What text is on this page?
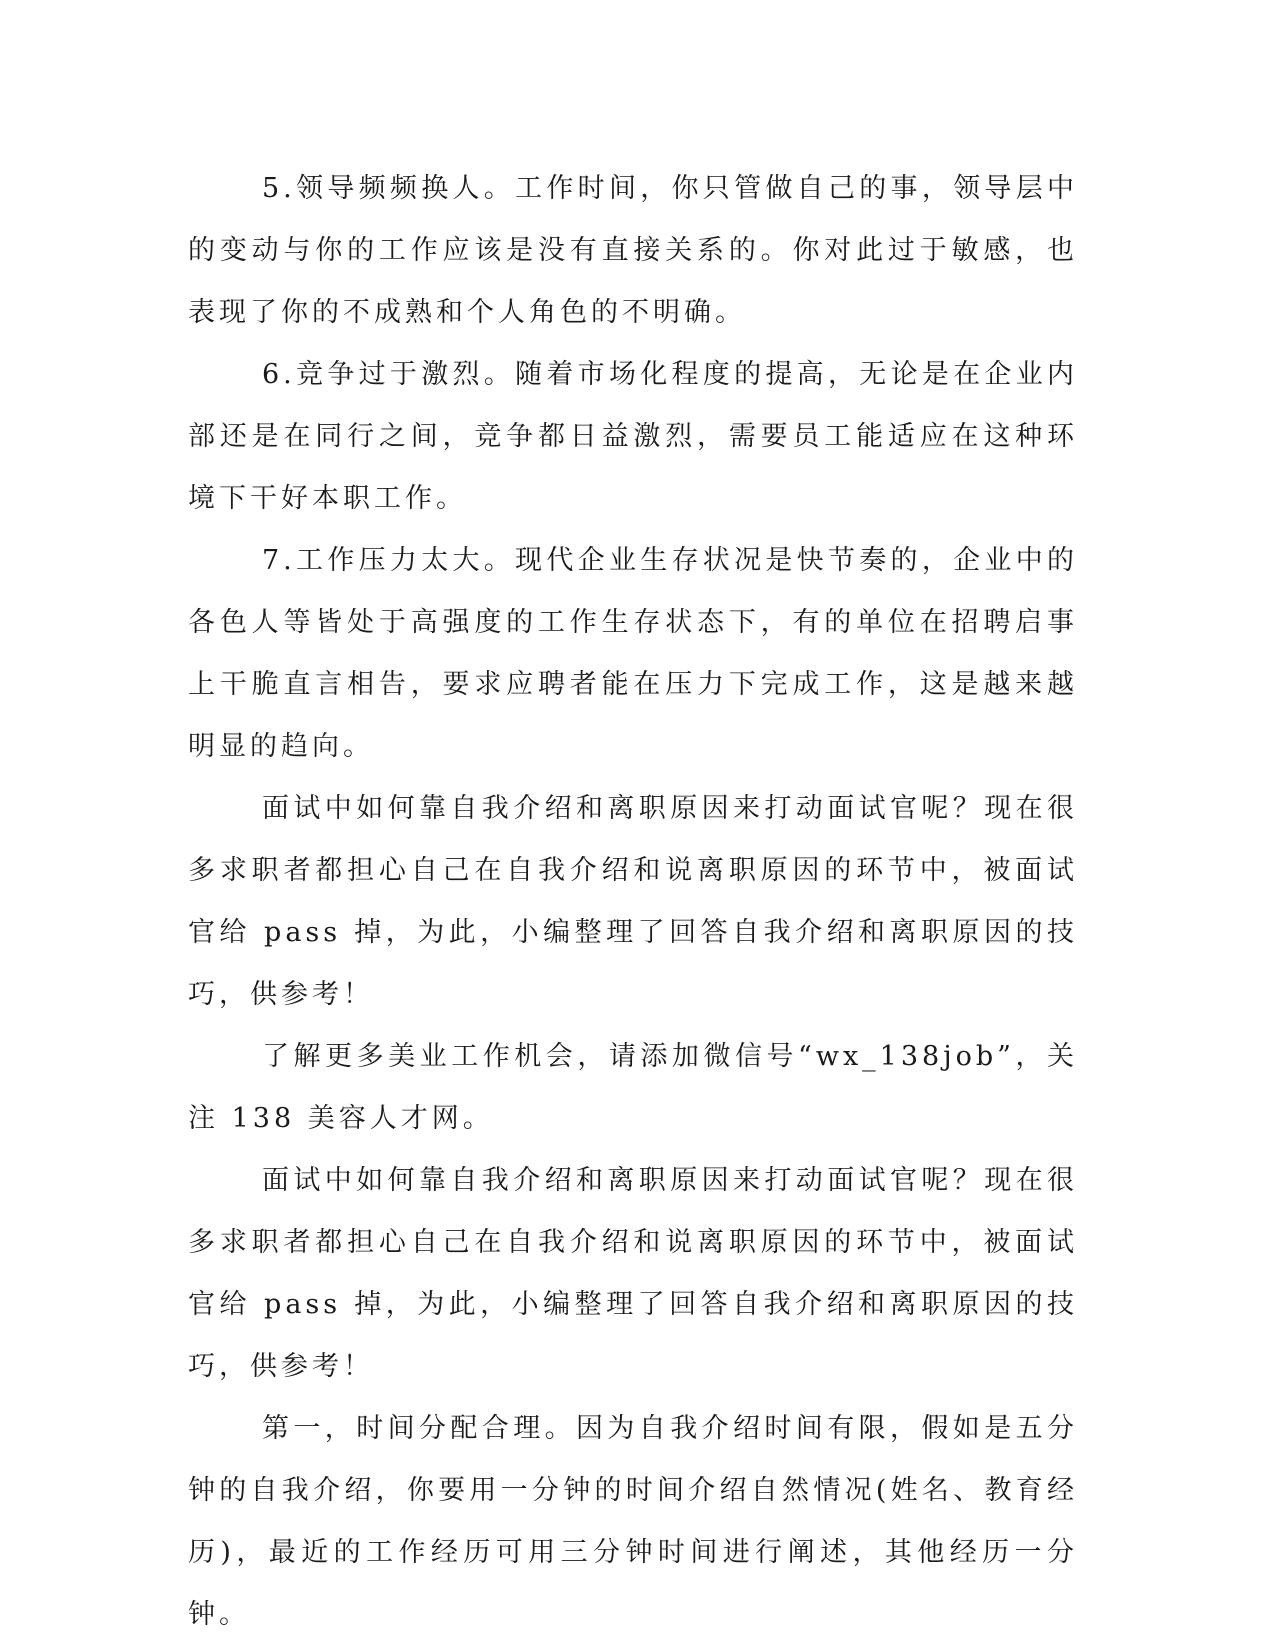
5.领导频频换人。工作时间，你只管做自己的事，领导层中的变动与你的工作应该是没有直接关系的。你对此过于敏感，也表现了你的不成熟和个人角色的不明确。

6.竞争过于激烈。随着市场化程度的提高，无论是在企业内部还是在同行之间，竞争都日益激烈，需要员工能适应在这种环境下干好本职工作。

7.工作压力太大。现代企业生存状况是快节奏的，企业中的各色人等皆处于高强度的工作生存状态下，有的单位在招聘启事上干脆直言相告，要求应聘者能在压力下完成工作，这是越来越明显的趋向。

面试中如何靠自我介绍和离职原因来打动面试官呢？现在很多求职者都担心自己在自我介绍和说离职原因的环节中，被面试官给 pass 掉，为此，小编整理了回答自我介绍和离职原因的技巧，供参考！

了解更多美业工作机会，请添加微信号“wx_138job”，关注 138 美容人才网。

面试中如何靠自我介绍和离职原因来打动面试官呢？现在很多求职者都担心自己在自我介绍和说离职原因的环节中，被面试官给 pass 掉，为此，小编整理了回答自我介绍和离职原因的技巧，供参考！

第一，时间分配合理。因为自我介绍时间有限，假如是五分钟的自我介绍，你要用一分钟的时间介绍自然情况(姓名、教育经历)，最近的工作经历可用三分钟时间进行阐述，其他经历一分钟。
